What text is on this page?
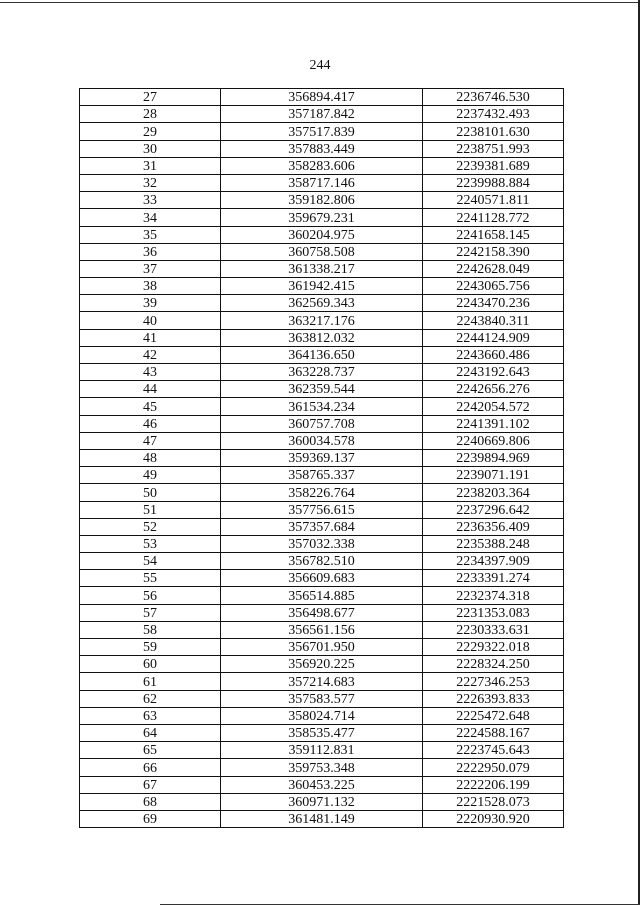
244
27	356894.417	2236746.530
28	357187.842	2237432.493
29	357517.839	2238101.630
30	357883.449	2238751.993
31	358283.606	2239381.689
32	358717.146	2239988.884
33	359182.806	2240571.811
34	359679.231	2241128.772
35	360204.975	2241658.145
36	360758.508	2242158.390
37	361338.217	2242628.049
38	361942.415	2243065.756
39	362569.343	2243470.236
40	363217.176	2243840.311
41	363812.032	2244124.909
42	364136.650	2243660.486
43	363228.737	2243192.643
44	362359.544	2242656.276
45	361534.234	2242054.572
46	360757.708	2241391.102
47	360034.578	2240669.806
48	359369.137	2239894.969
49	358765.337	2239071.191
50	358226.764	2238203.364
51	357756.615	2237296.642
52	357357.684	2236356.409
53	357032.338	2235388.248
54	356782.510	2234397.909
55	356609.683	2233391.274
56	356514.885	2232374.318
57	356498.677	2231353.083
58	356561.156	2230333.631
59	356701.950	2229322.018
60	356920.225	2228324.250
61	357214.683	2227346.253
62	357583.577	2226393.833
63	358024.714	2225472.648
64	358535.477	2224588.167
65	359112.831	2223745.643
66	359753.348	2222950.079
67	360453.225	2222206.199
68	360971.132	2221528.073
69	361481.149	2220930.920
